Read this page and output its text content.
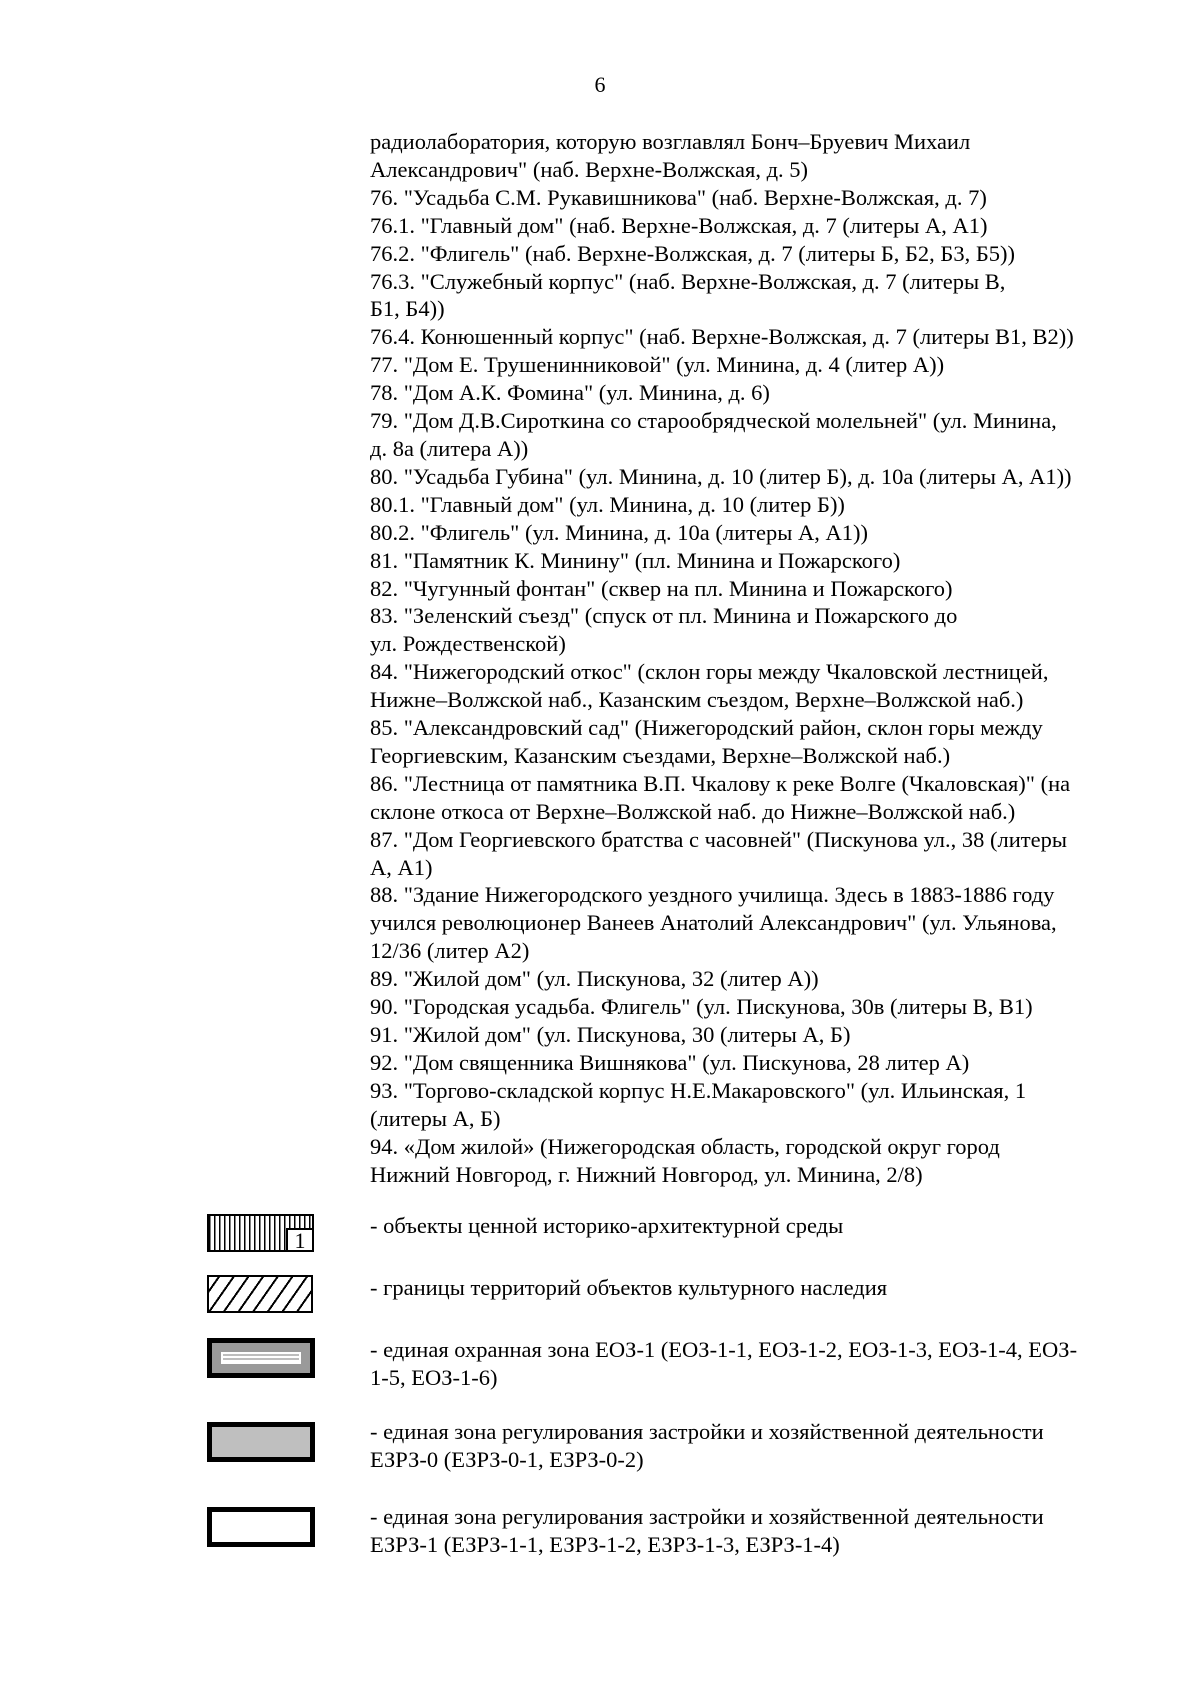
6
радиолаборатория, которую возглавлял Бонч–Бруевич Михаил
Александрович" (наб. Верхне-Волжская, д. 5)
76. "Усадьба С.М. Рукавишникова" (наб. Верхне-Волжская, д. 7)
76.1. "Главный дом" (наб. Верхне-Волжская, д. 7 (литеры А, А1)
76.2. "Флигель" (наб. Верхне-Волжская, д. 7 (литеры Б, Б2, Б3, Б5))
76.3. "Служебный корпус" (наб. Верхне-Волжская, д. 7 (литеры В,
Б1, Б4))
76.4. Конюшенный корпус" (наб. Верхне-Волжская, д. 7 (литеры В1, В2))
77. "Дом Е. Трушенинниковой" (ул. Минина, д. 4 (литер А))
78. "Дом А.К. Фомина" (ул. Минина, д. 6)
79. "Дом Д.В.Сироткина со старообрядческой молельней" (ул. Минина,
д. 8а (литера А))
80. "Усадьба Губина" (ул. Минина, д. 10 (литер Б), д. 10а (литеры А, А1))
80.1. "Главный дом" (ул. Минина, д. 10 (литер Б))
80.2. "Флигель" (ул. Минина, д. 10а (литеры А, А1))
81. "Памятник К. Минину" (пл. Минина и Пожарского)
82. "Чугунный фонтан" (сквер на пл. Минина и Пожарского)
83. "Зеленский съезд" (спуск от пл. Минина и Пожарского до
ул. Рождественской)
84. "Нижегородский откос" (склон горы между Чкаловской лестницей,
Нижне–Волжской наб., Казанским съездом, Верхне–Волжской наб.)
85. "Александровский сад" (Нижегородский район, склон горы между
Георгиевским, Казанским съездами, Верхне–Волжской наб.)
86. "Лестница от памятника В.П. Чкалову к реке Волге (Чкаловская)" (на
склоне откоса от Верхне–Волжской наб. до Нижне–Волжской наб.)
87. "Дом Георгиевского братства с часовней" (Пискунова ул., 38 (литеры
А, А1)
88. "Здание Нижегородского уездного училища. Здесь в 1883-1886 году
учился революционер Ванеев Анатолий Александрович" (ул. Ульянова,
12/36 (литер А2)
89. "Жилой дом" (ул. Пискунова, 32 (литер А))
90. "Городская усадьба. Флигель" (ул. Пискунова, 30в (литеры В, В1)
91. "Жилой дом" (ул. Пискунова, 30 (литеры А, Б)
92. "Дом священника Вишнякова" (ул. Пискунова, 28 литер А)
93. "Торгово-складской корпус Н.Е.Макаровского" (ул. Ильинская, 1
(литеры А, Б)
94. «Дом жилой» (Нижегородская область, городской округ город
Нижний Новгород, г. Нижний Новгород, ул. Минина, 2/8)
1
- объекты ценной историко-архитектурной среды
- границы территорий объектов культурного наследия
- единая охранная зона ЕОЗ-1 (ЕОЗ-1-1, ЕОЗ-1-2, ЕОЗ-1-3, ЕОЗ-1-4, ЕОЗ-
1-5, ЕОЗ-1-6)
- единая зона регулирования застройки и хозяйственной деятельности
ЕЗРЗ-0 (ЕЗРЗ-0-1, ЕЗРЗ-0-2)
- единая зона регулирования застройки и хозяйственной деятельности
ЕЗРЗ-1 (ЕЗРЗ-1-1, ЕЗРЗ-1-2, ЕЗРЗ-1-3, ЕЗРЗ-1-4)
